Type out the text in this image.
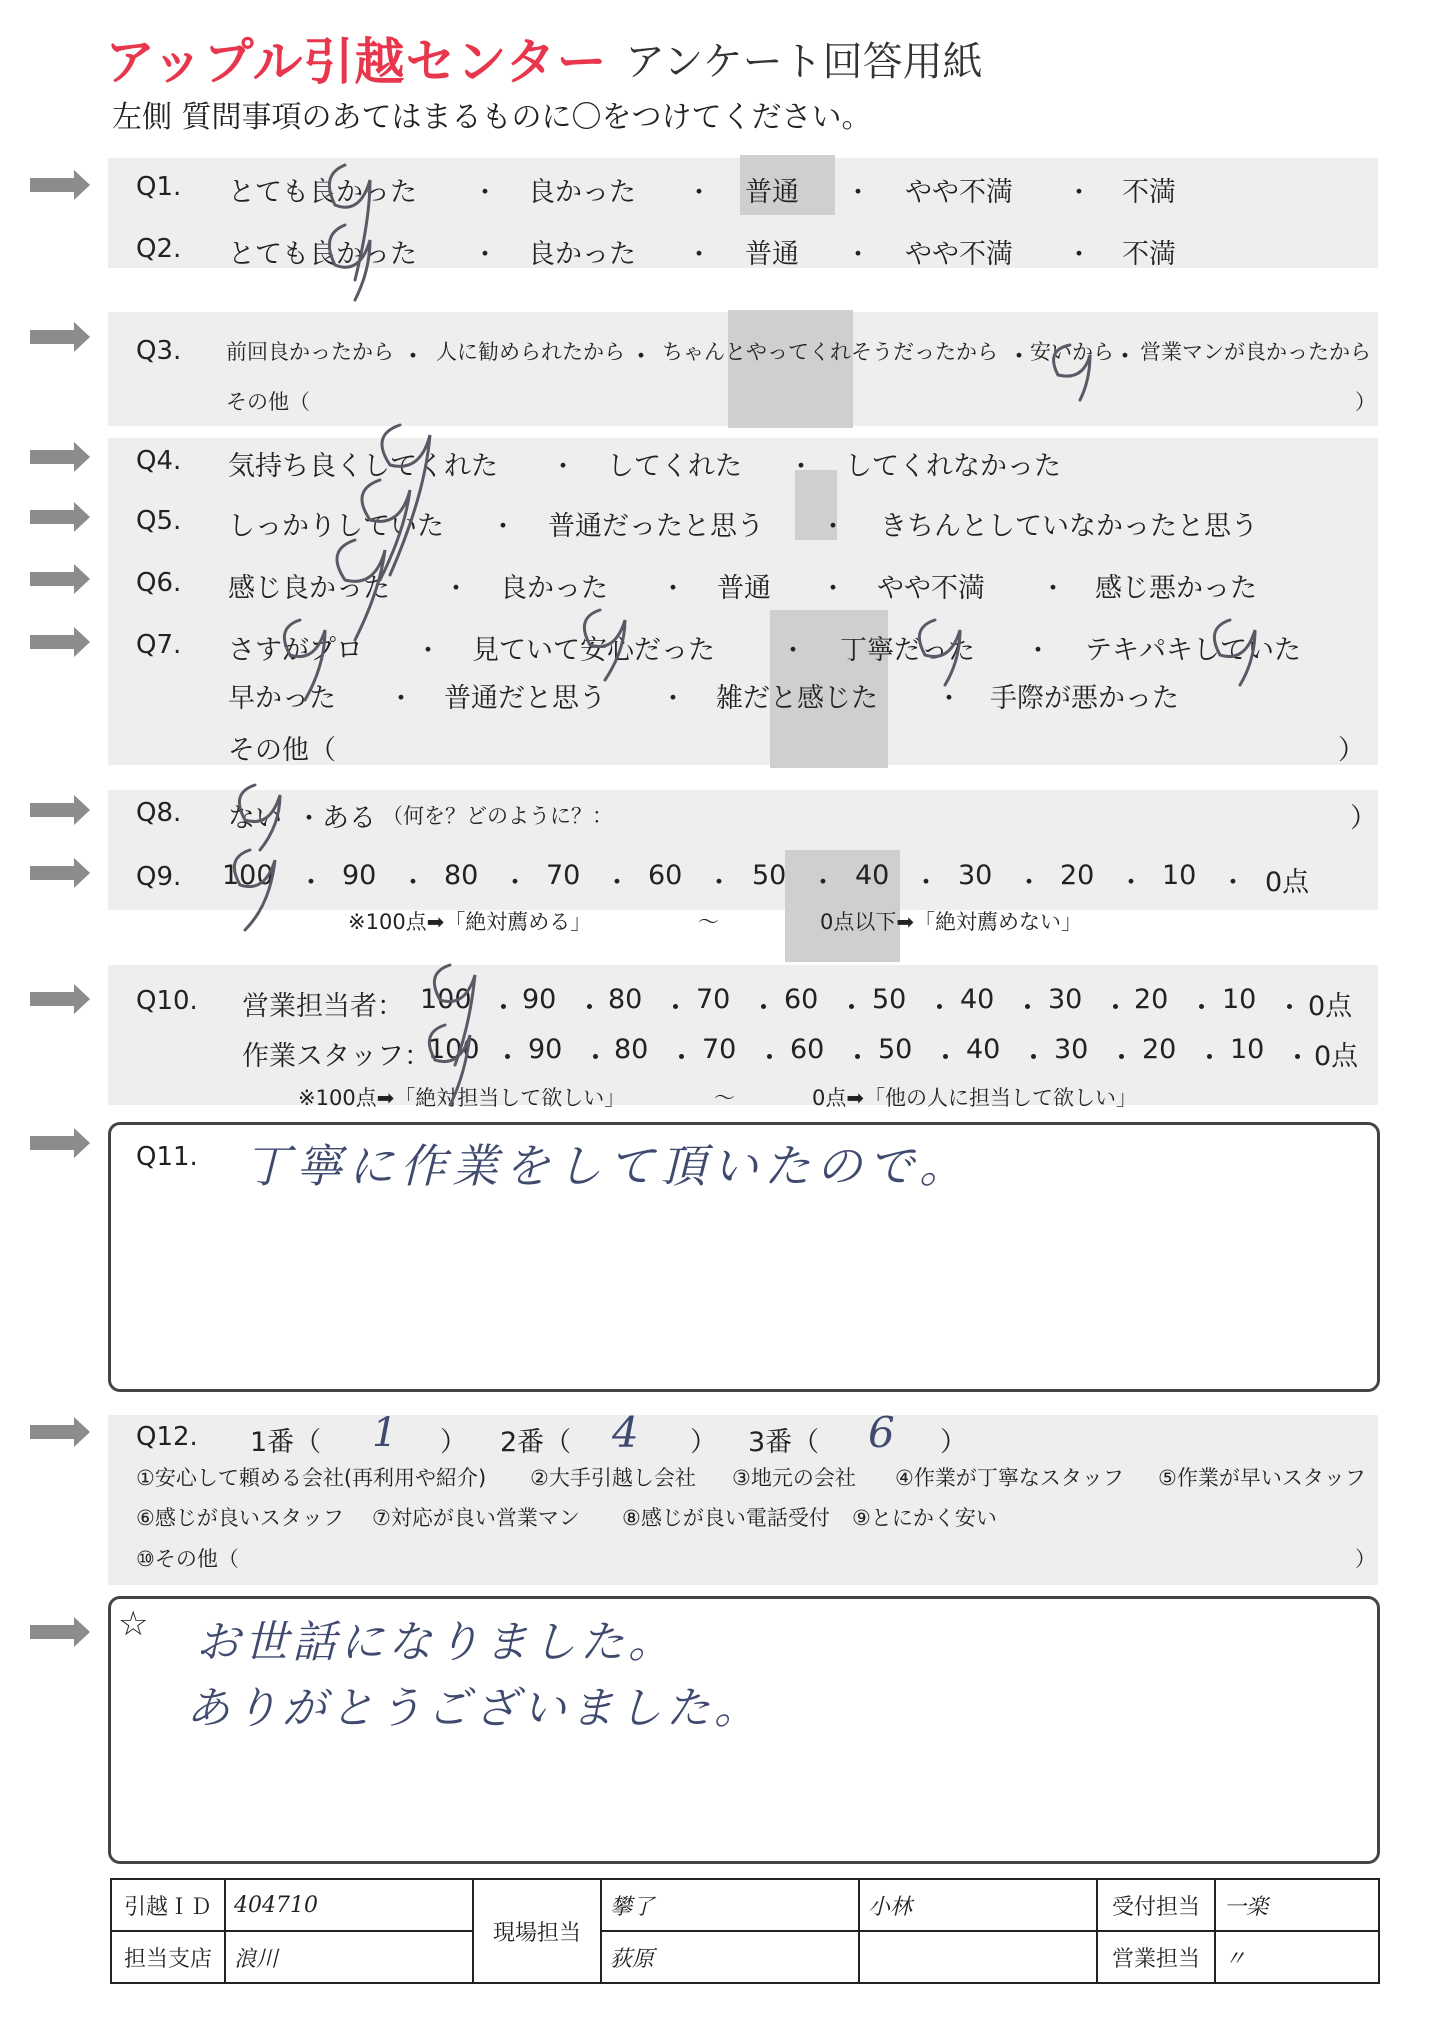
アップル引越センター アンケート回答用紙
左側 質問事項のあてはまるものに〇をつけてください。
Q1. とても良かった ・ 良かった ・ 普通 ・ やや不満 ・ 不満
Q2. とても良かった ・ 良かった ・ 普通 ・ やや不満 ・ 不満
Q3. 前回良かったから ・ 人に勧められたから ・ ちゃんとやってくれそうだったから ・
安いから
・ 営業マンが良かったから
その他（	）
Q4. 気持ち良くしてくれた ・ してくれた ・ してくれなかった
Q5. しっかりしていた ・ 普通だったと思う ・ きちんとしていなかったと思う
Q6. 感じ良かった ・ 良かった ・ 普通 ・ やや不満 ・ 感じ悪かった
Q7. さすがプロ ・ 見ていて安心だった	・ 丁寧だった ・ テキパキしていた
早かった ・ 普通だと思う ・ 雑だと感じた ・ 手際が悪かった
その他（	）
Q8. ない ・ ある （何を？どのように？：	）
Q9. 100 ・ 90 ・ 80 ・ 70 ・ 60 ・ 50 ・ 40 ・ 30 ・ 20 ・ 10 ・ 0点
※100点➡「絶対薦める」	〜	0点以下➡「絶対薦めない」
Q10. 営業担当者： 100 ・ 90 ・ 80 ・ 70 ・ 60 ・ 50 ・ 40 ・ 30 ・ 20 ・ 10 ・ 0点
作業スタッフ：
100 ・ 90 ・ 80 ・ 70 ・ 60 ・ 50 ・ 40 ・ 30 ・ 20 ・ 10 ・ 0点
※100点➡「絶対担当して欲しい」	〜	0点➡「他の人に担当して欲しい」
Q11. 丁寧に作業をして頂いたので。
Q12. 1番（ 1 ） 2番（ 4 ） 3番（ 6 ）
①安心して頼める会社(再利用や紹介) ②大手引越し会社 ③地元の会社 ④作業が丁寧なスタッフ ⑤作業が早いスタッフ
⑥感じが良いスタッフ ⑦対応が良い営業マン ⑧感じが良い電話受付 ⑨とにかく安い
⑩その他（	）
☆ お世話になりました。
ありがとうございました。
引越ＩＤ	404710	現場担当	攀了	小林	受付担当	一楽
担当支店	浪川		荻原		営業担当	〃
